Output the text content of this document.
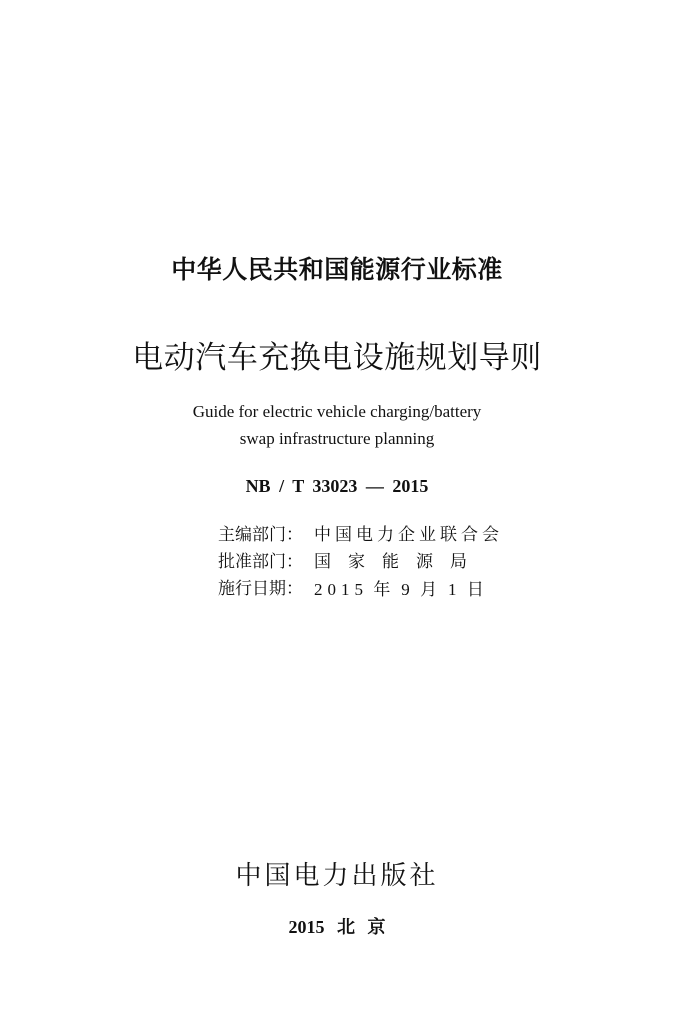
中华人民共和国能源行业标准
电动汽车充换电设施规划导则
Guide for electric vehicle charging/battery
swap infrastructure planning
NB / T 33023 — 2015
主编部门： 中国电力企业联合会
批准部门： 国家能源局
施行日期： 2015 年 9 月 1 日
中国电力出版社
2015 北 京
